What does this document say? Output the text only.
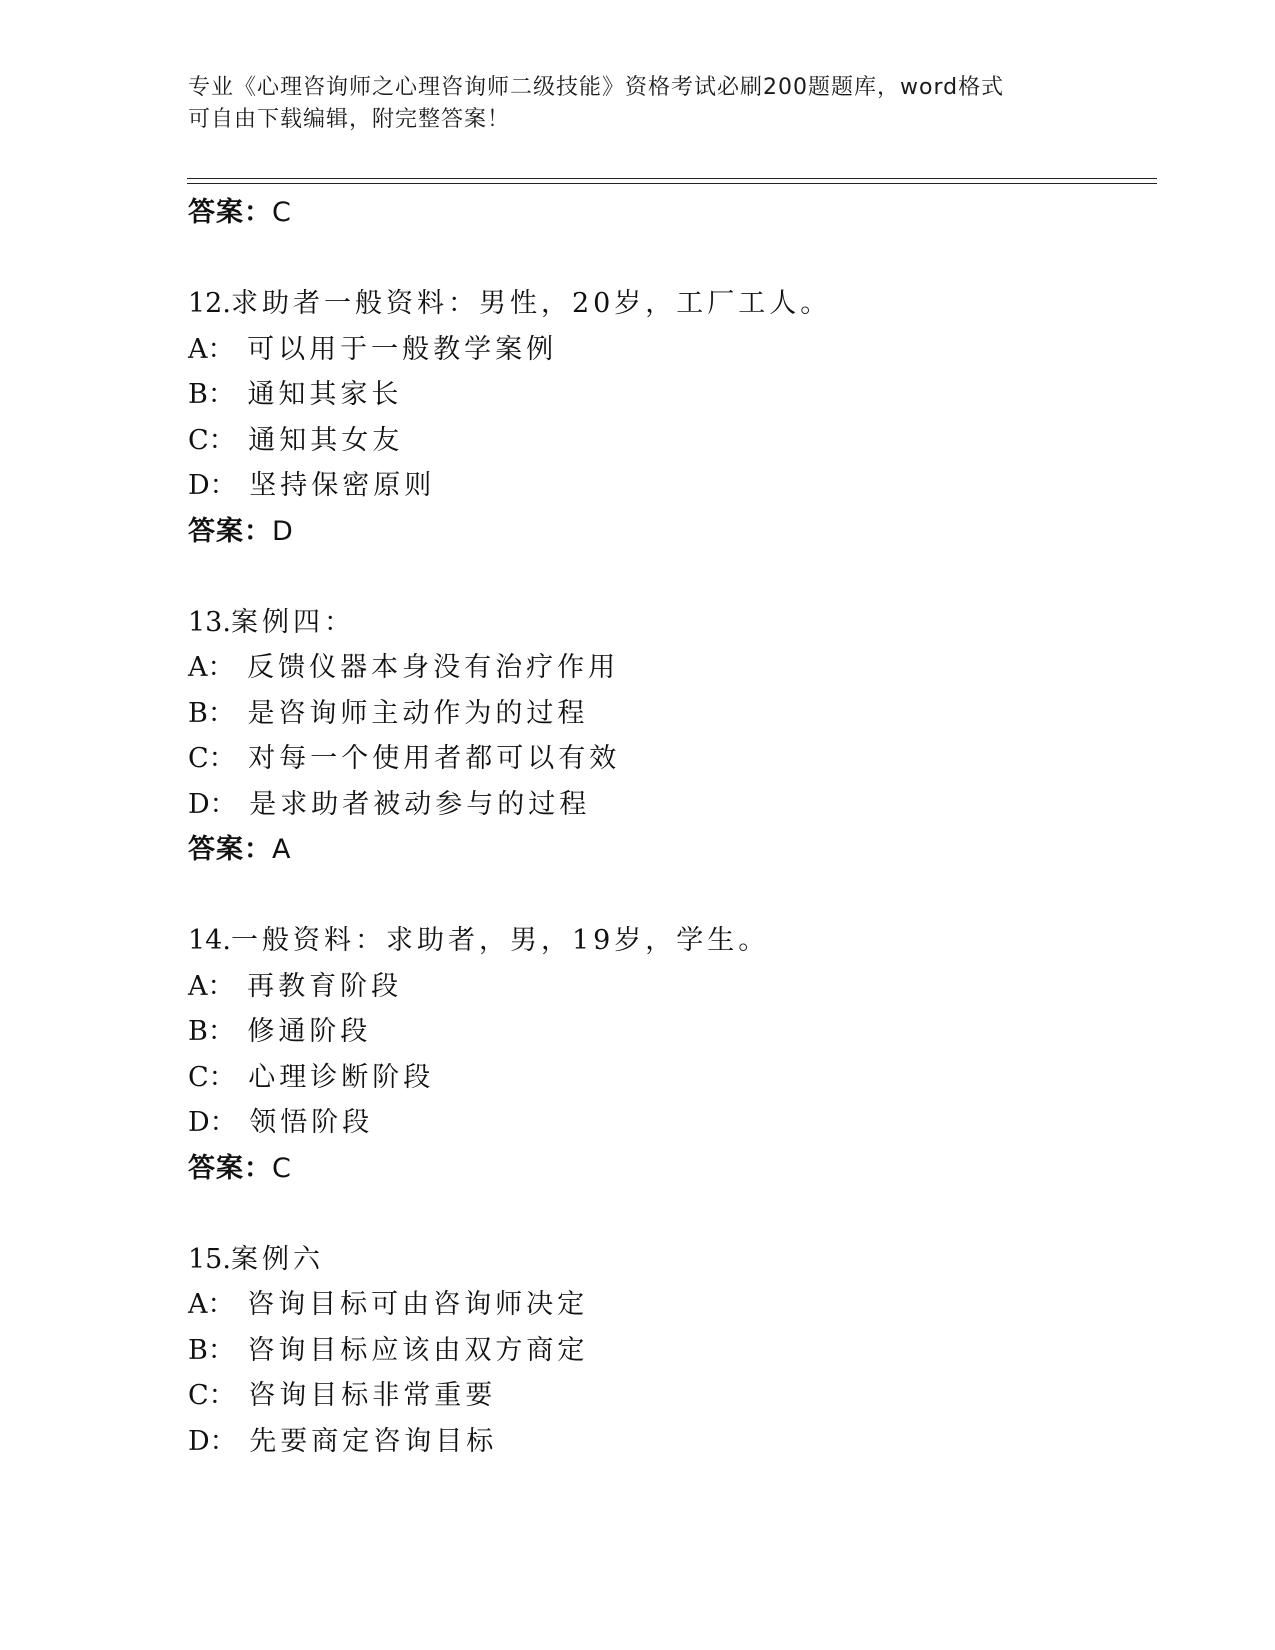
专业《心理咨询师之心理咨询师二级技能》资格考试必刷200题题库，word格式
可自由下载编辑，附完整答案！
答案：C
12.求助者一般资料：男性，20岁，工厂工人。
A： 可以用于一般教学案例
B： 通知其家长
C： 通知其女友
D： 坚持保密原则
答案：D
13.案例四：
A： 反馈仪器本身没有治疗作用
B： 是咨询师主动作为的过程
C： 对每一个使用者都可以有效
D： 是求助者被动参与的过程
答案：A
14.一般资料：求助者，男，19岁，学生。
A： 再教育阶段
B： 修通阶段
C： 心理诊断阶段
D： 领悟阶段
答案：C
15.案例六
A： 咨询目标可由咨询师决定
B： 咨询目标应该由双方商定
C： 咨询目标非常重要
D： 先要商定咨询目标
